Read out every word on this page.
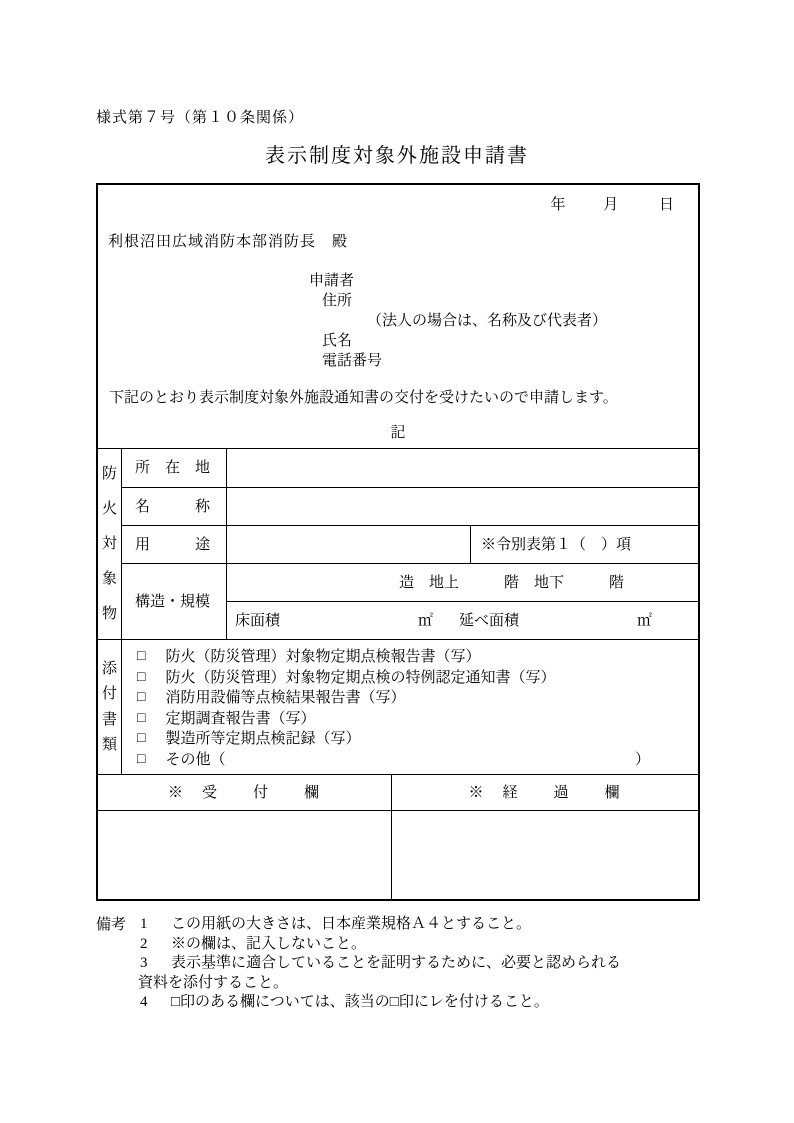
様式第７号（第１０条関係）
表示制度対象外施設申請書
年	月	日
利根沼田広域消防本部消防長　殿
申請者
住所
（法人の場合は、名称及び代表者）
氏名
電話番号
下記のとおり表示制度対象外施設通知書の交付を受けたいので申請します。
記
防
火
対
象
物
所　在　地
名　　　称
用　　　途	※令別表第１（　）項
構造・規模
造　地上　　　階　地下　　　階
床面積	㎡ 延べ面積	㎡
添
付
書
類
□ 防火（防災管理）対象物定期点検報告書（写）
□ 防火（防災管理）対象物定期点検の特例認定通知書（写）
□ 消防用設備等点検結果報告書（写）
□ 定期調査報告書（写）
□ 製造所等定期点検記録（写）
□ その他（	）
※　受　　付　　欄	※　経　　過　　欄
備考 1	この用紙の大きさは、日本産業規格Ａ４とすること。
2	※の欄は、記入しないこと。
3	表示基準に適合していることを証明するために、必要と認められる
資料を添付すること。
4	□印のある欄については、該当の□印にレを付けること。
